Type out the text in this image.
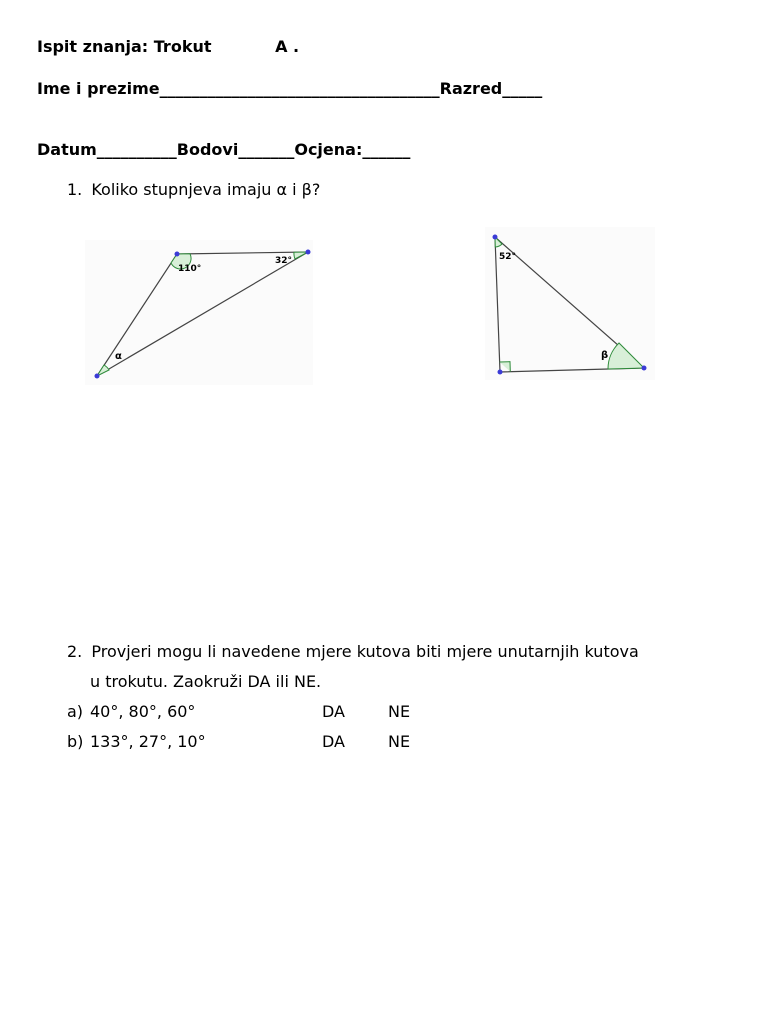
Ispit znanja: Trokut	A .
Ime i prezime___________________________________Razred_____
Datum__________Bodovi_______Ocjena:______
1. Koliko stupnjeva imaju α i β?
110°
32°
α
52°
β
2. Provjeri mogu li navedene mjere kutova biti mjere unutarnjih kutova
u trokutu. Zaokruži DA ili NE.
a) 40°, 80°, 60°	DA	NE
b) 133°, 27°, 10°	DA	NE
